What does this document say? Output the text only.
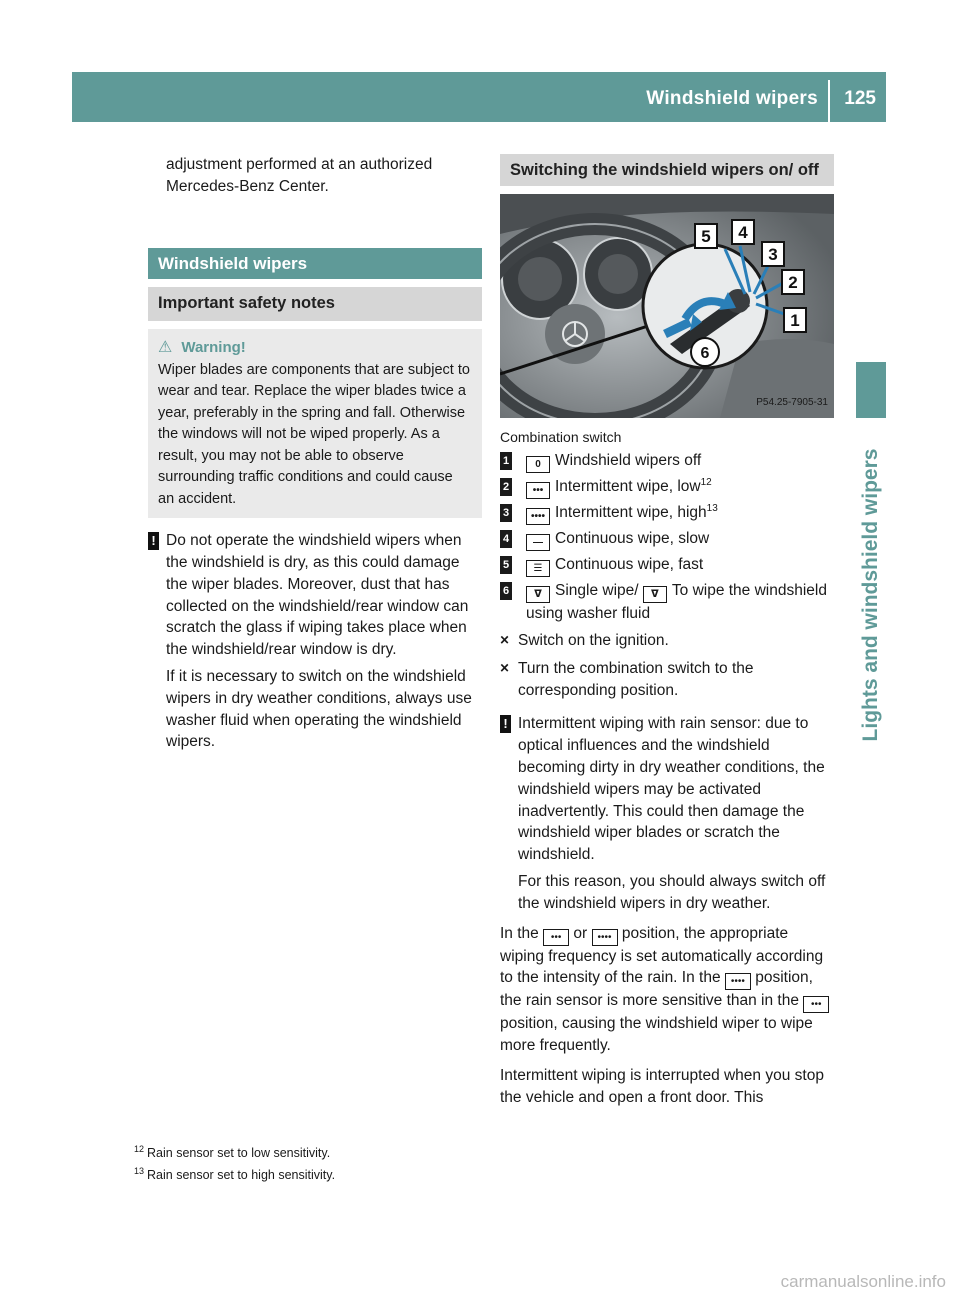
Windshield wipers 125
Lights and windshield wipers

adjustment performed at an authorized Mercedes-Benz Center.

Windshield wipers
Important safety notes
⚠ Warning!

Wiper blades are components that are subject to wear and tear. Replace the wiper blades twice a year, preferably in the spring and fall. Otherwise the windows will not be wiped properly. As a result, you may not be able to observe surrounding traffic conditions and could cause an accident.

! Do not operate the windshield wipers when the windshield is dry, as this could damage the wiper blades. Moreover, dust that has collected on the windshield/rear window can scratch the glass if wiping takes place when the windshield/rear window is dry.

If it is necessary to switch on the windshield wipers in dry weather conditions, always use washer fluid when operating the windshield wipers.

Switching the windshield wipers on/ off
5 4
3
2
1
6
P54.25-7905-31

Combination switch

1	0 Windshield wipers off
2 ••• Intermittent wipe, low$^{12}$
3 •••• Intermittent wipe, high$^{13}$
4 — Continuous wipe, slow
5 ☰ Continuous wipe, fast
6	ᐁ Single wipe/ ᐁ To wipe the windshield using washer fluid

× Switch on the ignition.

× Turn the combination switch to the corresponding position.

! Intermittent wiping with rain sensor: due to optical influences and the windshield becoming dirty in dry weather conditions, the windshield wipers may be activated inadvertently. This could then damage the windshield wiper blades or scratch the windshield.

For this reason, you should always switch off the windshield wipers in dry weather.

In the ••• or •••• position, the appropriate wiping frequency is set automatically according to the intensity of the rain. In the •••• position, the rain sensor is more sensitive than in the ••• position, causing the windshield wiper to wipe more frequently.

Intermittent wiping is interrupted when you stop the vehicle and open a front door. This

$^{12}$ Rain sensor set to low sensitivity.
$^{13}$ Rain sensor set to high sensitivity.
carmanualsonline.info
